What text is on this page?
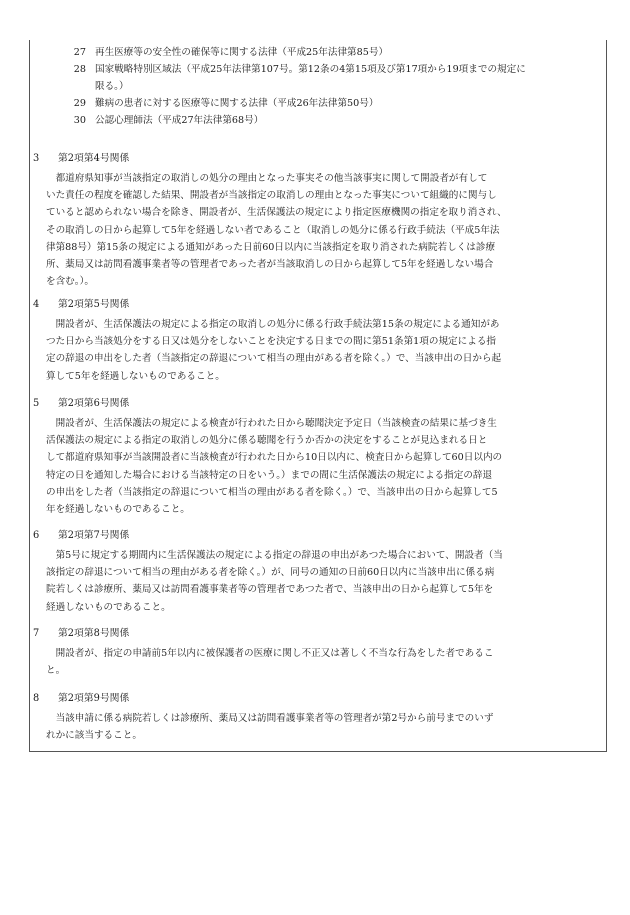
27 再生医療等の安全性の確保等に関する法律（平成25年法律第85号）
28 国家戦略特別区域法（平成25年法律第107号。第12条の4第15項及び第17項から19項までの規定に
限る。）
29 難病の患者に対する医療等に関する法律（平成26年法律第50号）
30 公認心理師法（平成27年法律第68号）
3 第2項第4号関係
　都道府県知事が当該指定の取消しの処分の理由となった事実その他当該事実に関して開設者が有して
いた責任の程度を確認した結果、開設者が当該指定の取消しの理由となった事実について組織的に関与し
ていると認められない場合を除き、開設者が、生活保護法の規定により指定医療機関の指定を取り消され、
その取消しの日から起算して5年を経過しない者であること（取消しの処分に係る行政手続法（平成5年法
律第88号）第15条の規定による通知があった日前60日以内に当該指定を取り消された病院若しくは診療
所、薬局又は訪問看護事業者等の管理者であった者が当該取消しの日から起算して5年を経過しない場合
を含む。）。
4 第2項第5号関係
　開設者が、生活保護法の規定による指定の取消しの処分に係る行政手続法第15条の規定による通知があ
つた日から当該処分をする日又は処分をしないことを決定する日までの間に第51条第1項の規定による指
定の辞退の申出をした者（当該指定の辞退について相当の理由がある者を除く。）で、当該申出の日から起
算して5年を経過しないものであること。
5 第2項第6号関係
　開設者が、生活保護法の規定による検査が行われた日から聴聞決定予定日（当該検査の結果に基づき生
活保護法の規定による指定の取消しの処分に係る聴聞を行うか否かの決定をすることが見込まれる日と
して都道府県知事が当該開設者に当該検査が行われた日から10日以内に、検査日から起算して60日以内の
特定の日を通知した場合における当該特定の日をいう。）までの間に生活保護法の規定による指定の辞退
の申出をした者（当該指定の辞退について相当の理由がある者を除く。）で、当該申出の日から起算して5
年を経過しないものであること。
6 第2項第7号関係
　第5号に規定する期間内に生活保護法の規定による指定の辞退の申出があつた場合において、開設者（当
該指定の辞退について相当の理由がある者を除く。）が、同号の通知の日前60日以内に当該申出に係る病
院若しくは診療所、薬局又は訪問看護事業者等の管理者であつた者で、当該申出の日から起算して5年を
経過しないものであること。
7 第2項第8号関係
　開設者が、指定の申請前5年以内に被保護者の医療に関し不正又は著しく不当な行為をした者であるこ
と。
8 第2項第9号関係
　当該申請に係る病院若しくは診療所、薬局又は訪問看護事業者等の管理者が第2号から前号までのいず
れかに該当すること。
